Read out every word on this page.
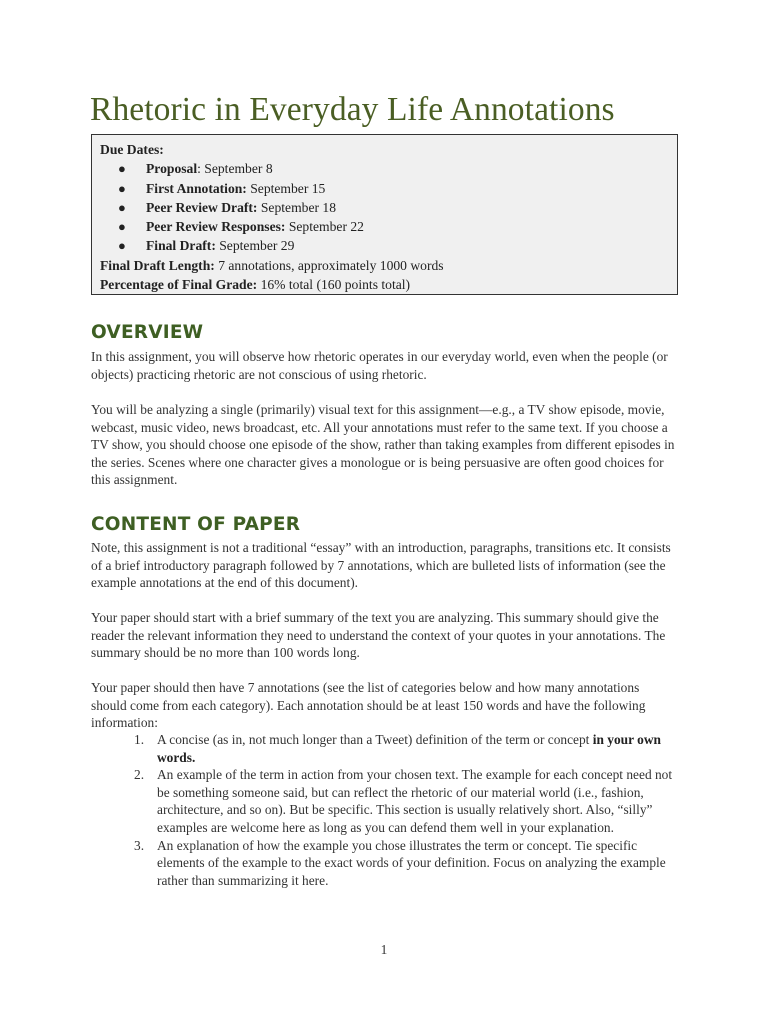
Rhetoric in Everyday Life Annotations
Due Dates:
● Proposal: September 8
● First Annotation: September 15
● Peer Review Draft: September 18
● Peer Review Responses: September 22
● Final Draft: September 29
Final Draft Length: 7 annotations, approximately 1000 words
Percentage of Final Grade: 16% total (160 points total)
OVERVIEW

In this assignment, you will observe how rhetoric operates in our everyday world, even when the people (or objects) practicing rhetoric are not conscious of using rhetoric.

You will be analyzing a single (primarily) visual text for this assignment—e.g., a TV show episode, movie, webcast, music video, news broadcast, etc. All your annotations must refer to the same text. If you choose a TV show, you should choose one episode of the show, rather than taking examples from different episodes in the series. Scenes where one character gives a monologue or is being persuasive are often good choices for this assignment.

CONTENT OF PAPER

Note, this assignment is not a traditional “essay” with an introduction, paragraphs, transitions etc. It consists of a brief introductory paragraph followed by 7 annotations, which are bulleted lists of information (see the example annotations at the end of this document).

Your paper should start with a brief summary of the text you are analyzing. This summary should give the reader the relevant information they need to understand the context of your quotes in your annotations. The summary should be no more than 100 words long.

Your paper should then have 7 annotations (see the list of categories below and how many annotations should come from each category). Each annotation should be at least 150 words and have the following information:

1. A concise (as in, not much longer than a Tweet) definition of the term or concept in your own words.
2. An example of the term in action from your chosen text. The example for each concept need not be something someone said, but can reflect the rhetoric of our material world (i.e., fashion, architecture, and so on). But be specific. This section is usually relatively short. Also, “silly” examples are welcome here as long as you can defend them well in your explanation.
3. An explanation of how the example you chose illustrates the term or concept. Tie specific elements of the example to the exact words of your definition. Focus on analyzing the example rather than summarizing it here.
1
